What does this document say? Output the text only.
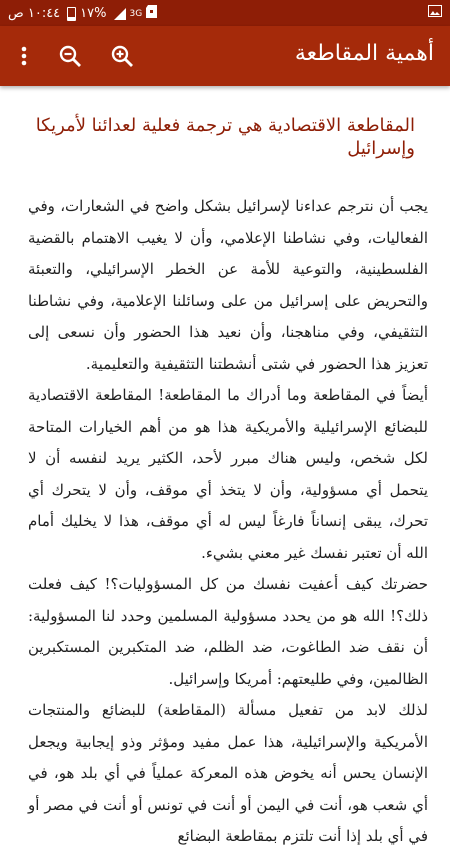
١٠:٤٤ ص ١٧%	3G
أهمية المقاطعة
المقاطعة الاقتصادية هي ترجمة فعلية لعدائنا لأمريكا وإسرائيل

يجب أن نترجم عداءنا لإسرائيل بشكل واضح في الشعارات، وفي الفعاليات، وفي نشاطنا الإعلامي، وأن لا يغيب الاهتمام بالقضية الفلسطينية، والتوعية للأمة عن الخطر الإسرائيلي، والتعبئة والتحريض على إسرائيل من على وسائلنا الإعلامية، وفي نشاطنا التثقيفي، وفي مناهجنا، وأن نعيد هذا الحضور وأن نسعى إلى تعزيز هذا الحضور في شتى أنشطتنا التثقيفية والتعليمية.

أيضاً في المقاطعة وما أدراك ما المقاطعة! المقاطعة الاقتصادية للبضائع الإسرائيلية والأمريكية هذا هو من أهم الخيارات المتاحة لكل شخص، وليس هناك مبرر لأحد، الكثير يريد لنفسه أن لا يتحمل أي مسؤولية، وأن لا يتخذ أي موقف، وأن لا يتحرك أي تحرك، يبقى إنساناً فارغاً ليس له أي موقف، هذا لا يخليك أمام الله أن تعتبر نفسك غير معني بشيء.

حضرتك كيف أعفيت نفسك من كل المسؤوليات؟! كيف فعلت ذلك؟! الله هو من يحدد مسؤولية المسلمين وحدد لنا المسؤولية: أن نقف ضد الطاغوت، ضد الظلم، ضد المتكبرين المستكبرين الظالمين، وفي طليعتهم: أمريكا وإسرائيل.

لذلك لابد من تفعيل مسألة (المقاطعة) للبضائع والمنتجات الأمريكية والإسرائيلية، هذا عمل مفيد ومؤثر وذو إيجابية ويجعل الإنسان يحس أنه يخوض هذه المعركة عملياً في أي بلد هو، في أي شعب هو، أنت في اليمن أو أنت في تونس أو أنت في مصر أو في أي بلد إذا أنت تلتزم بمقاطعة البضائع
